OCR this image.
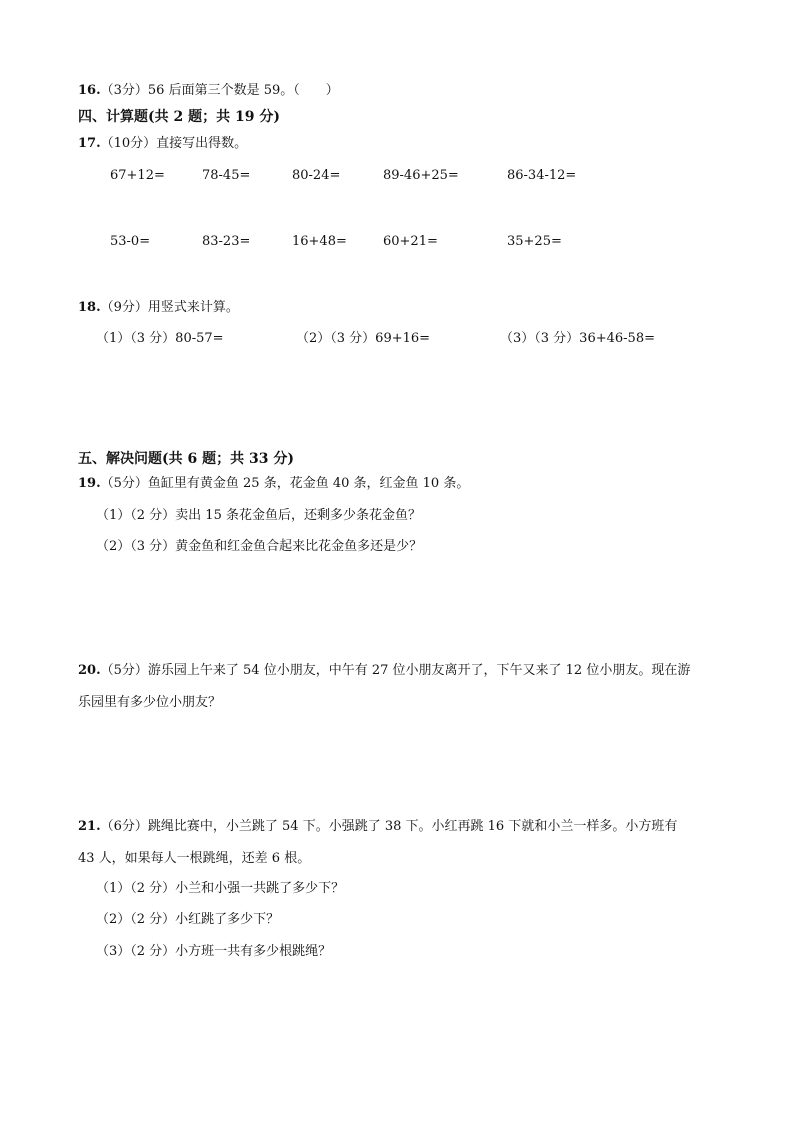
16.（3分）56 后面第三个数是 59。（　　）
四、计算题(共 2 题；共 19 分)
17.（10分）直接写出得数。
67+12=	78-45=	80-24=	89-46+25=	86-34-12=
53-0=	83-23=	16+48=	60+21=	35+25=
18.（9分）用竖式来计算。
（1）（3 分）80-57=	（2）（3 分）69+16=	（3）（3 分）36+46-58=
五、解决问题(共 6 题；共 33 分)
19.（5分）鱼缸里有黄金鱼 25 条，花金鱼 40 条，红金鱼 10 条。
（1）（2 分）卖出 15 条花金鱼后，还剩多少条花金鱼？
（2）（3 分）黄金鱼和红金鱼合起来比花金鱼多还是少？
20.（5分）游乐园上午来了 54 位小朋友，中午有 27 位小朋友离开了，下午又来了 12 位小朋友。现在游
乐园里有多少位小朋友？
21.（6分）跳绳比赛中，小兰跳了 54 下。小强跳了 38 下。小红再跳 16 下就和小兰一样多。小方班有
43 人，如果每人一根跳绳，还差 6 根。
（1）（2 分）小兰和小强一共跳了多少下？
（2）（2 分）小红跳了多少下？
（3）（2 分）小方班一共有多少根跳绳？
